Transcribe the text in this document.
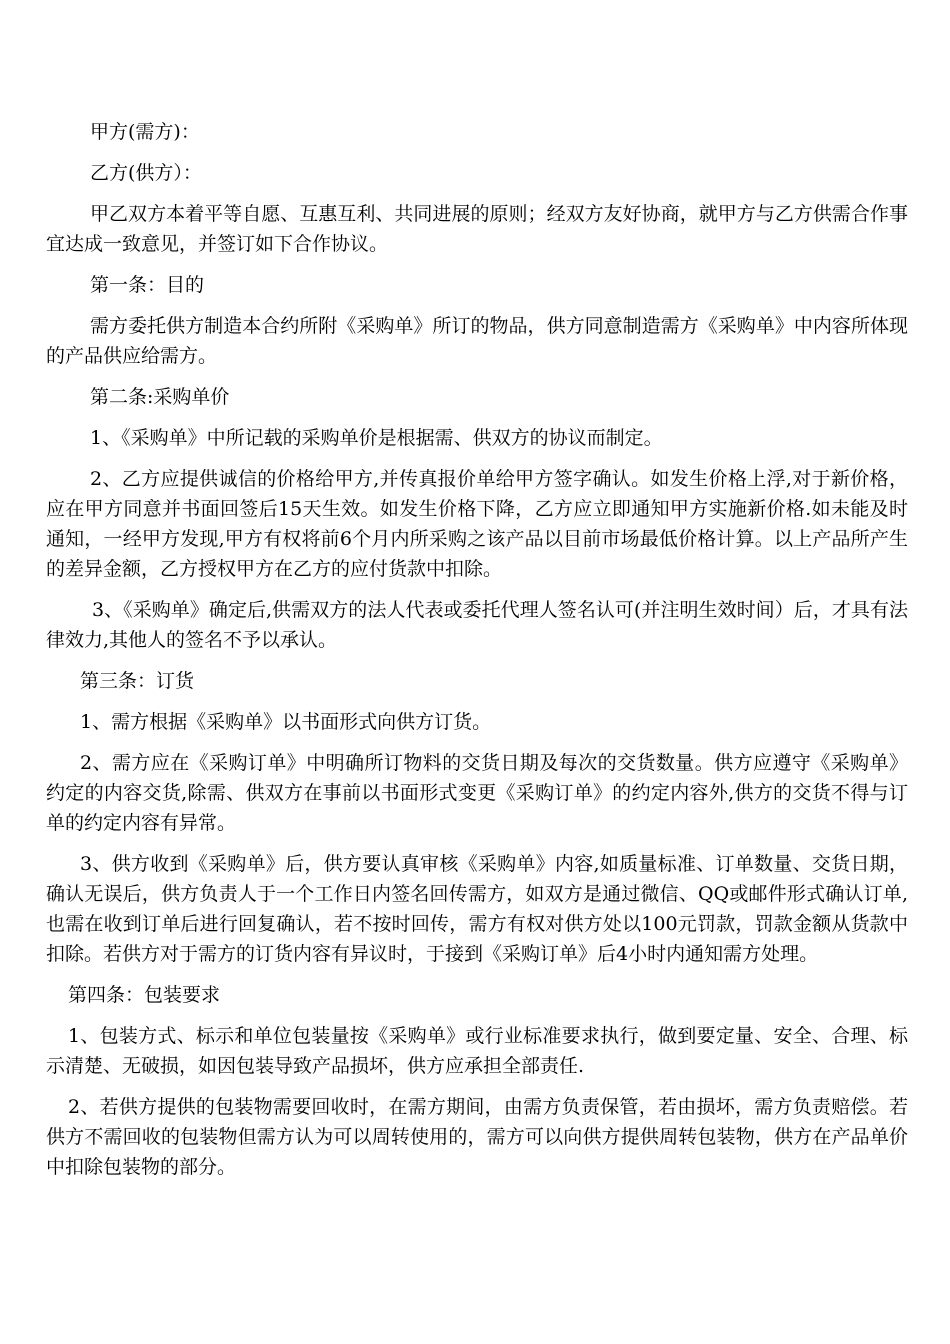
甲方(需方)：

乙方(供方）：

甲乙双方本着平等自愿、互惠互利、共同进展的原则；经双方友好协商，就甲方与乙方供需合作事宜达成一致意见，并签订如下合作协议。

第一条：目的

需方委托供方制造本合约所附《采购单》所订的物品，供方同意制造需方《采购单》中内容所体现的产品供应给需方。

第二条:采购单价

1、《采购单》中所记载的采购单价是根据需、供双方的协议而制定。

2、乙方应提供诚信的价格给甲方,并传真报价单给甲方签字确认。如发生价格上浮,对于新价格，应在甲方同意并书面回签后15天生效。如发生价格下降，乙方应立即通知甲方实施新价格.如未能及时通知，一经甲方发现,甲方有权将前6个月内所采购之该产品以目前市场最低价格计算。以上产品所产生的差异金额，乙方授权甲方在乙方的应付货款中扣除。

3、《采购单》确定后,供需双方的法人代表或委托代理人签名认可(并注明生效时间）后，才具有法律效力,其他人的签名不予以承认。

第三条：订货

1、需方根据《采购单》以书面形式向供方订货。

2、需方应在《采购订单》中明确所订物料的交货日期及每次的交货数量。供方应遵守《采购单》约定的内容交货,除需、供双方在事前以书面形式变更《采购订单》的约定内容外,供方的交货不得与订单的约定内容有异常。

3、供方收到《采购单》后，供方要认真审核《采购单》内容,如质量标准、订单数量、交货日期，确认无误后，供方负责人于一个工作日内签名回传需方，如双方是通过微信、QQ或邮件形式确认订单,也需在收到订单后进行回复确认，若不按时回传，需方有权对供方处以100元罚款，罚款金额从货款中扣除。若供方对于需方的订货内容有异议时，于接到《采购订单》后4小时内通知需方处理。

第四条：包装要求

1、包装方式、标示和单位包装量按《采购单》或行业标准要求执行，做到要定量、安全、合理、标示清楚、无破损，如因包装导致产品损坏，供方应承担全部责任.

2、若供方提供的包装物需要回收时，在需方期间，由需方负责保管，若由损坏，需方负责赔偿。若供方不需回收的包装物但需方认为可以周转使用的，需方可以向供方提供周转包装物，供方在产品单价中扣除包装物的部分。
